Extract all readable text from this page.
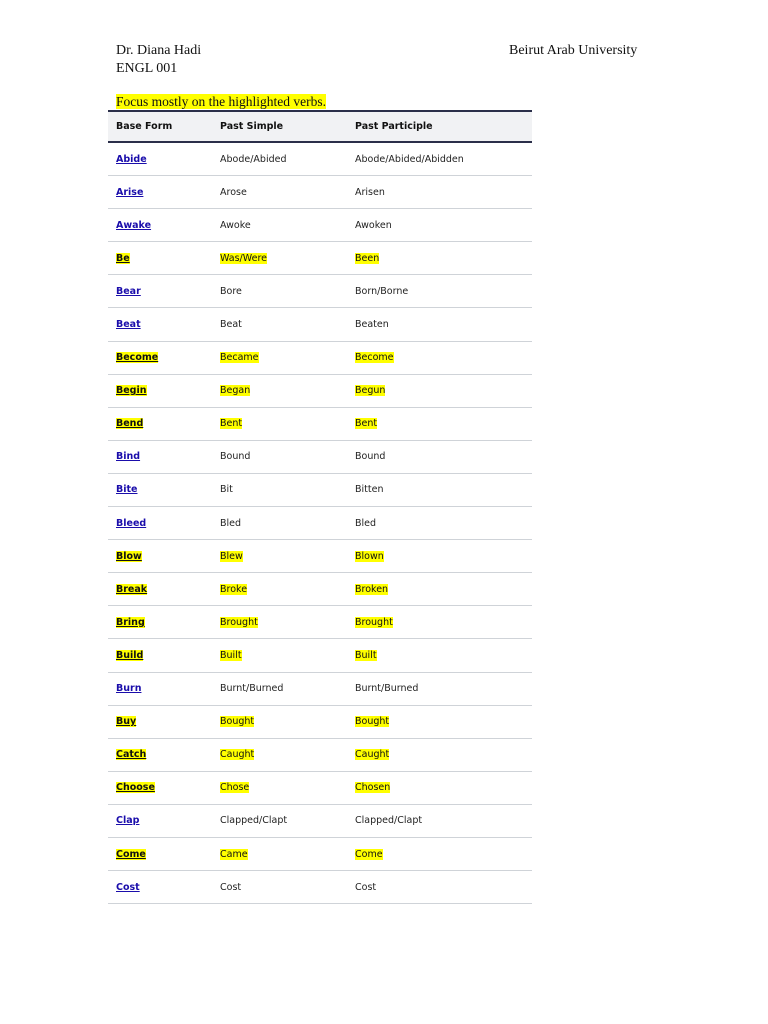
Dr. Diana Hadi
ENGL 001
Beirut Arab University
Focus mostly on the highlighted verbs.
Base Form	Past Simple	Past Participle
Abide	Abode/Abided	Abode/Abided/Abidden
Arise	Arose	Arisen
Awake	Awoke	Awoken
Be	Was/Were	Been
Bear	Bore	Born/Borne
Beat	Beat	Beaten
Become	Became	Become
Begin	Began	Begun
Bend	Bent	Bent
Bind	Bound	Bound
Bite	Bit	Bitten
Bleed	Bled	Bled
Blow	Blew	Blown
Break	Broke	Broken
Bring	Brought	Brought
Build	Built	Built
Burn	Burnt/Burned	Burnt/Burned
Buy	Bought	Bought
Catch	Caught	Caught
Choose	Chose	Chosen
Clap	Clapped/Clapt	Clapped/Clapt
Come	Came	Come
Cost	Cost	Cost
